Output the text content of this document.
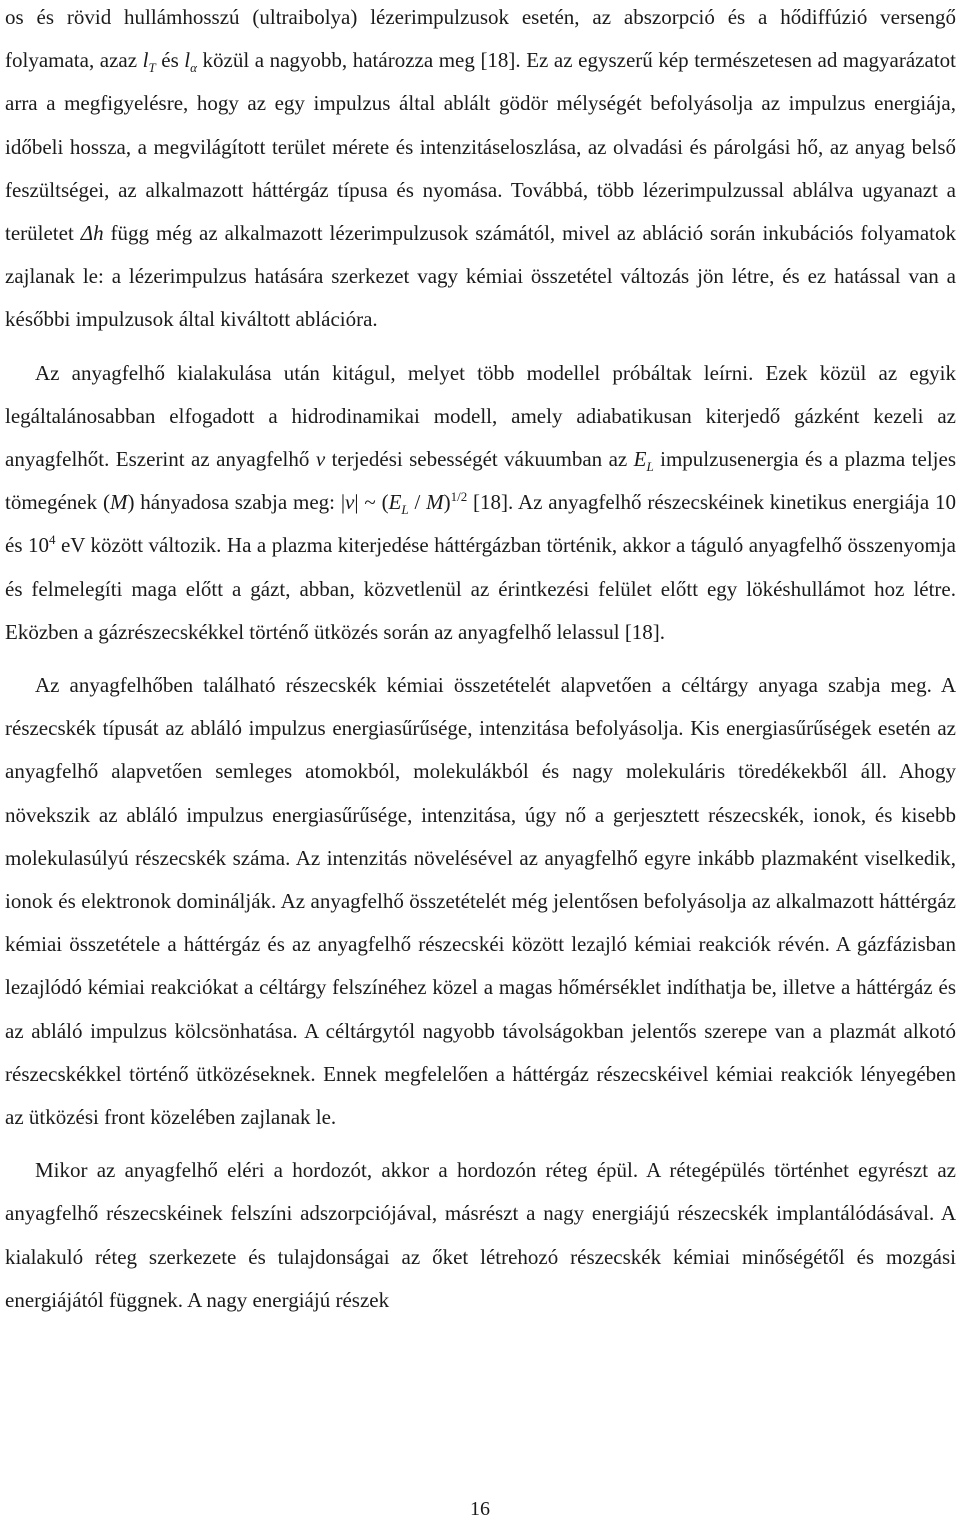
os és rövid hullámhosszú (ultraibolya) lézerimpulzusok esetén, az abszorpció és a hődiffúzió versengő folyamata, azaz $l_T$ és $l_\alpha$ közül a nagyobb, határozza meg [18]. Ez az egyszerű kép természetesen ad magyarázatot arra a megfigyelésre, hogy az egy impulzus által ablált gödör mélységét befolyásolja az impulzus energiája, időbeli hossza, a megvilágított terület mérete és intenzitáseloszlása, az olvadási és párolgási hő, az anyag belső feszültségei, az alkalmazott háttérgáz típusa és nyomása. Továbbá, több lézerimpulzussal ablálva ugyanazt a területet Δh függ még az alkalmazott lézerimpulzusok számától, mivel az abláció során inkubációs folyamatok zajlanak le: a lézerimpulzus hatására szerkezet vagy kémiai összetétel változás jön létre, és ez hatással van a későbbi impulzusok által kiváltott ablációra.

Az anyagfelhő kialakulása után kitágul, melyet több modellel próbáltak leírni. Ezek közül az egyik legáltalánosabban elfogadott a hidrodinamikai modell, amely adiabatikusan kiterjedő gázként kezeli az anyagfelhőt. Eszerint az anyagfelhő v terjedési sebességét vákuumban az $E_L$ impulzusenergia és a plazma teljes tömegének (M) hányadosa szabja meg: |v| ~ $(E_L / M)^{1/2}$ [18]. Az anyagfelhő részecskéinek kinetikus energiája 10 és $10^4$ eV között változik. Ha a plazma kiterjedése háttérgázban történik, akkor a táguló anyagfelhő összenyomja és felmelegíti maga előtt a gázt, abban, közvetlenül az érintkezési felület előtt egy lökéshullámot hoz létre. Eközben a gázrészecskékkel történő ütközés során az anyagfelhő lelassul [18].

Az anyagfelhőben található részecskék kémiai összetételét alapvetően a céltárgy anyaga szabja meg. A részecskék típusát az abláló impulzus energiasűrűsége, intenzitása befolyásolja. Kis energiasűrűségek esetén az anyagfelhő alapvetően semleges atomokból, molekulákból és nagy molekuláris töredékekből áll. Ahogy növekszik az abláló impulzus energiasűrűsége, intenzitása, úgy nő a gerjesztett részecskék, ionok, és kisebb molekulasúlyú részecskék száma. Az intenzitás növelésével az anyagfelhő egyre inkább plazmaként viselkedik, ionok és elektronok dominálják. Az anyagfelhő összetételét még jelentősen befolyásolja az alkalmazott háttérgáz kémiai összetétele a háttérgáz és az anyagfelhő részecskéi között lezajló kémiai reakciók révén. A gázfázisban lezajlódó kémiai reakciókat a céltárgy felszínéhez közel a magas hőmérséklet indíthatja be, illetve a háttérgáz és az abláló impulzus kölcsönhatása. A céltárgytól nagyobb távolságokban jelentős szerepe van a plazmát alkotó részecskékkel történő ütközéseknek. Ennek megfelelően a háttérgáz részecskéivel kémiai reakciók lényegében az ütközési front közelében zajlanak le.

Mikor az anyagfelhő eléri a hordozót, akkor a hordozón réteg épül. A rétegépülés történhet egyrészt az anyagfelhő részecskéinek felszíni adszorpciójával, másrészt a nagy energiájú részecskék implantálódásával. A kialakuló réteg szerkezete és tulajdonságai az őket létrehozó részecskék kémiai minőségétől és mozgási energiájától függnek. A nagy energiájú részek

16
